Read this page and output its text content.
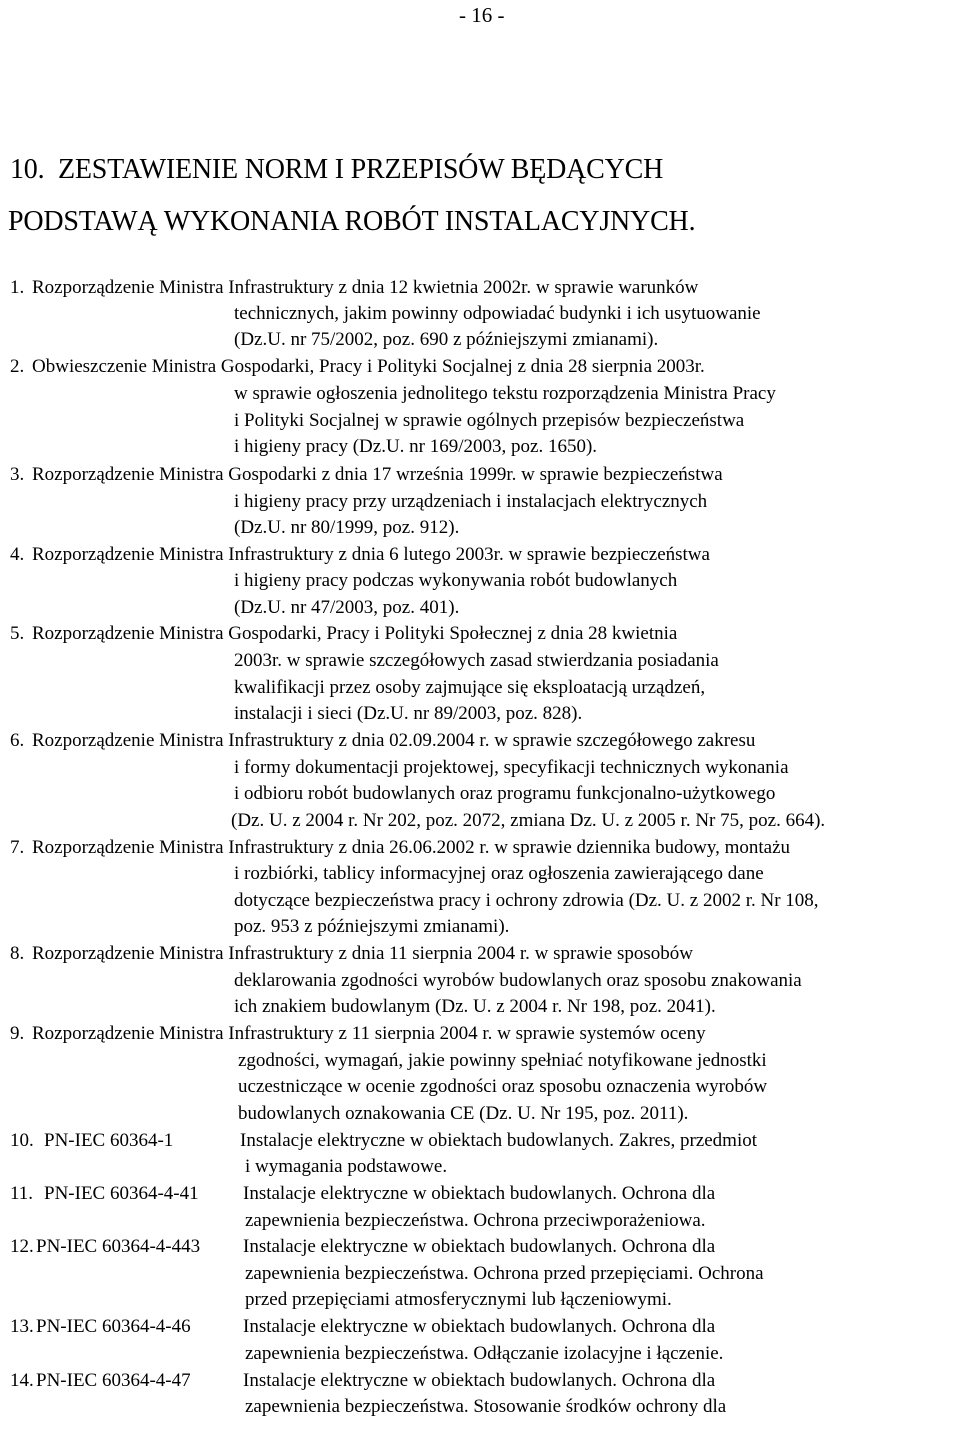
- 16 -
10.  ZESTAWIENIE NORM I PRZEPISÓW BĘDĄCYCH
PODSTAWĄ WYKONANIA ROBÓT INSTALACYJNYCH.
1. Rozporządzenie Ministra Infrastruktury z dnia 12 kwietnia 2002r. w sprawie warunków
technicznych, jakim powinny odpowiadać budynki i ich usytuowanie
(Dz.U. nr 75/2002, poz. 690 z późniejszymi zmianami).
2. Obwieszczenie Ministra Gospodarki, Pracy i Polityki Socjalnej z dnia 28 sierpnia 2003r.
w sprawie ogłoszenia jednolitego tekstu rozporządzenia Ministra Pracy
i Polityki Socjalnej w sprawie ogólnych przepisów bezpieczeństwa
i higieny pracy (Dz.U. nr 169/2003, poz. 1650).
3. Rozporządzenie Ministra Gospodarki z dnia 17 września 1999r. w sprawie bezpieczeństwa
i higieny pracy przy urządzeniach i instalacjach elektrycznych
(Dz.U. nr 80/1999, poz. 912).
4. Rozporządzenie Ministra Infrastruktury z dnia 6 lutego 2003r. w sprawie bezpieczeństwa
i higieny pracy podczas wykonywania robót budowlanych
(Dz.U. nr 47/2003, poz. 401).
5. Rozporządzenie Ministra Gospodarki, Pracy i Polityki Społecznej z dnia 28 kwietnia
2003r. w sprawie szczegółowych zasad stwierdzania posiadania
kwalifikacji przez osoby zajmujące się eksploatacją urządzeń,
instalacji i sieci (Dz.U. nr 89/2003, poz. 828).
6. Rozporządzenie Ministra Infrastruktury z dnia 02.09.2004 r. w sprawie szczegółowego zakresu
i formy dokumentacji projektowej, specyfikacji technicznych wykonania
i odbioru robót budowlanych oraz programu funkcjonalno-użytkowego
(Dz. U. z 2004 r. Nr 202, poz. 2072, zmiana Dz. U. z 2005 r. Nr 75, poz. 664).
7. Rozporządzenie Ministra Infrastruktury z dnia 26.06.2002 r. w sprawie dziennika budowy, montażu
i rozbiórki, tablicy informacyjnej oraz ogłoszenia zawierającego dane
dotyczące bezpieczeństwa pracy i ochrony zdrowia (Dz. U. z 2002 r. Nr 108,
poz. 953 z późniejszymi zmianami).
8. Rozporządzenie Ministra Infrastruktury z dnia 11 sierpnia 2004 r. w sprawie sposobów
deklarowania zgodności wyrobów budowlanych oraz sposobu znakowania
ich znakiem budowlanym (Dz. U. z 2004 r. Nr 198, poz. 2041).
9. Rozporządzenie Ministra Infrastruktury z 11 sierpnia 2004 r. w sprawie systemów oceny
zgodności, wymagań, jakie powinny spełniać notyfikowane jednostki
uczestniczące w ocenie zgodności oraz sposobu oznaczenia wyrobów
budowlanych oznakowania CE (Dz. U. Nr 195, poz. 2011).
10. PN-IEC 60364-1	Instalacje elektryczne w obiektach budowlanych. Zakres, przedmiot
i wymagania podstawowe.
11. PN-IEC 60364-4-41 Instalacje elektryczne w obiektach budowlanych. Ochrona dla
zapewnienia bezpieczeństwa. Ochrona przeciwporażeniowa.
12. PN-IEC 60364-4-443 Instalacje elektryczne w obiektach budowlanych. Ochrona dla
zapewnienia bezpieczeństwa. Ochrona przed przepięciami. Ochrona
przed przepięciami atmosferycznymi lub łączeniowymi.
13. PN-IEC 60364-4-46	Instalacje elektryczne w obiektach budowlanych. Ochrona dla
zapewnienia bezpieczeństwa. Odłączanie izolacyjne i łączenie.
14. PN-IEC 60364-4-47	Instalacje elektryczne w obiektach budowlanych. Ochrona dla
zapewnienia bezpieczeństwa. Stosowanie środków ochrony dla
